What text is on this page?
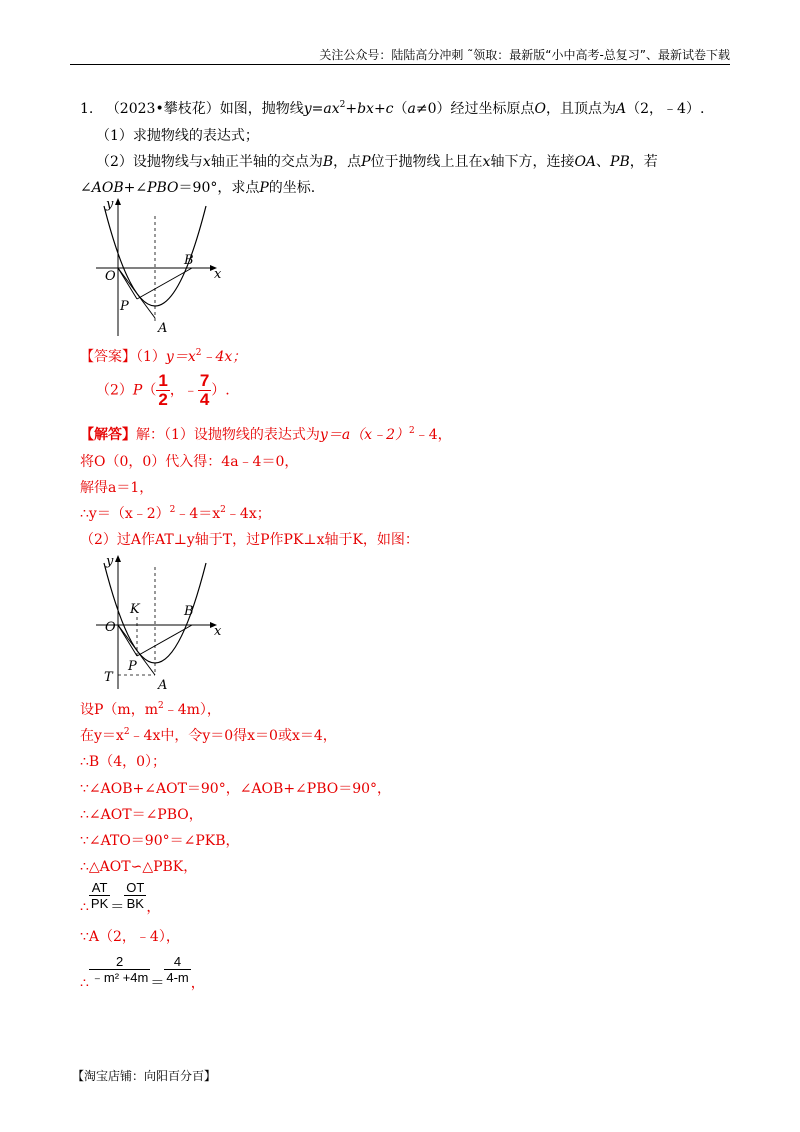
关注公众号：陆陆高分冲刺 ˜领取：最新版“小中高考-总复习”、最新试卷下载
1. （2023•攀枝花）如图，抛物线$y=ax^2+bx+c(a\ne 0)$经过坐标原点O，且顶点为A（2，﹣4）.
（1）求抛物线的表达式；
（2）设抛物线与x轴正半轴的交点为B，点P位于抛物线上且在x轴下方，连接OA、PB，若
∠AOB+∠PBO＝90°，求点P的坐标.
y
x
O
B
P
A
【答案】$(1)y=x^2﹣4x$；
$(2)P( \frac{1}{2}$ ，﹣ $\frac{7}{4}$ ）.
【解答】解：（1）设抛物线的表达式为y＝a（x﹣2）$^2$﹣4，
将O（0，0）代入得：4a﹣4＝0，
解得a＝1，
$\therefore y=(x﹣2)^2﹣4=x^2﹣4x$；
（2）过A作AT⊥y轴于T，过P作PK⊥x轴于K，如图：
y
x
O
K	B
P
T
A
设P（m，$m^2﹣4m$），
在$y=x^2﹣4x$中，令y＝0得x＝0或x＝4，
∴B（4，0）；
∵∠AOB+∠AOT＝90°，∠AOB+∠PBO＝90°，
∴∠AOT＝∠PBO，
∵∠ATO＝90°＝∠PKB，
∴△AOT∽△PBK，
∴ $\frac{AT}{PK} = \frac{OT}{BK}$ ，
∵A（2，﹣4），
∴ $\frac{2}{\text{﹣m² +4m}} = \frac{4}{4-m}$ ，
【淘宝店铺：向阳百分百】
